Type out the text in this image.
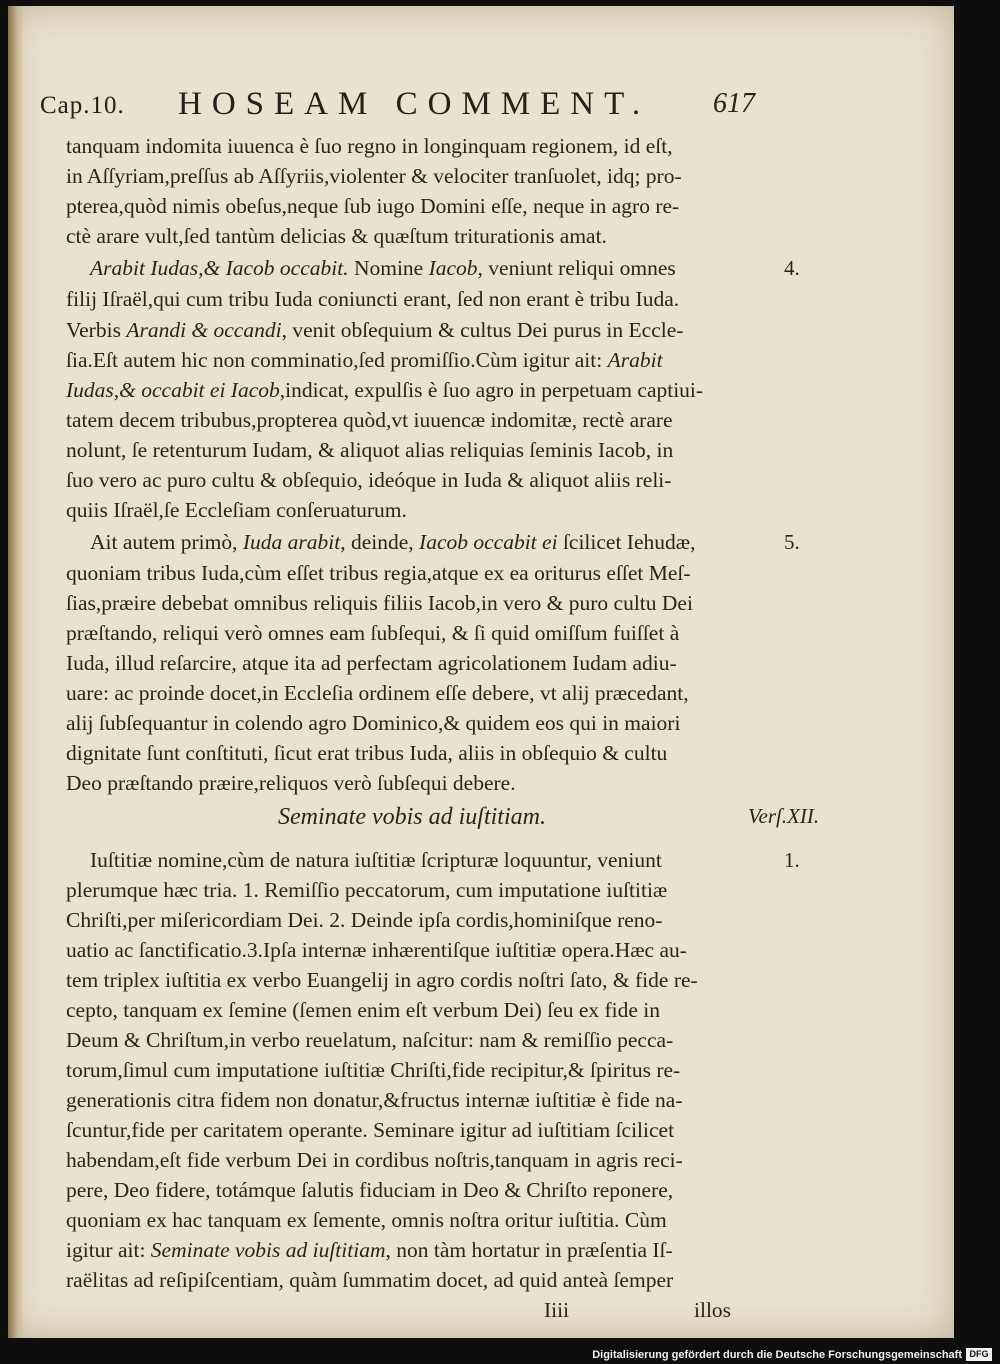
Cap.10. HOSEAM COMMENT. 617
tanquam indomita iuuenca è ſuo regno in longinquam regionem, id eſt,
in Aſſyriam,preſſus ab Aſſyriis,violenter & velociter tranſuolet, idq; pro-
pterea,quòd nimis obeſus,neque ſub iugo Domini eſſe, neque in agro re-
ctè arare vult,ſed tantùm delicias & quæſtum triturationis amat.
Arabit Iudas,& Iacob occabit. Nomine Iacob, veniunt reliqui omnes
filij Iſraël,qui cum tribu Iuda coniuncti erant, ſed non erant è tribu Iuda.
Verbis Arandi & occandi, venit obſequium & cultus Dei purus in Eccle-
ſia.Eſt autem hic non comminatio,ſed promiſſio.Cùm igitur ait: Arabit
Iudas,& occabit ei Iacob,indicat, expulſis è ſuo agro in perpetuam captiui-
tatem decem tribubus,propterea quòd,vt iuuencæ indomitæ, rectè arare
nolunt, ſe retenturum Iudam, & aliquot alias reliquias ſeminis Iacob, in
ſuo vero ac puro cultu & obſequio, ideóque in Iuda & aliquot aliis reli-
quiis Iſraël,ſe Eccleſiam conſeruaturum.
Ait autem primò, Iuda arabit, deinde, Iacob occabit ei ſcilicet Iehudæ,
quoniam tribus Iuda,cùm eſſet tribus regia,atque ex ea oriturus eſſet Meſ-
ſias,præire debebat omnibus reliquis filiis Iacob,in vero & puro cultu Dei
præſtando, reliqui verò omnes eam ſubſequi, & ſi quid omiſſum fuiſſet à
Iuda, illud reſarcire, atque ita ad perfectam agricolationem Iudam adiu-
uare: ac proinde docet,in Eccleſia ordinem eſſe debere, vt alij præcedant,
alij ſubſequantur in colendo agro Dominico,& quidem eos qui in maiori
dignitate ſunt conſtituti, ſicut erat tribus Iuda, aliis in obſequio & cultu
Deo præſtando præire,reliquos verò ſubſequi debere.
Seminate vobis ad iuſtitiam.
Iuſtitiæ nomine,cùm de natura iuſtitiæ ſcripturæ loquuntur, veniunt
plerumque hæc tria. 1. Remiſſio peccatorum, cum imputatione iuſtitiæ
Chriſti,per miſericordiam Dei. 2. Deinde ipſa cordis,hominiſque reno-
uatio ac ſanctificatio.3.Ipſa internæ inhærentiſque iuſtitiæ opera.Hæc au-
tem triplex iuſtitia ex verbo Euangelij in agro cordis noſtri ſato, & fide re-
cepto, tanquam ex ſemine (ſemen enim eſt verbum Dei) ſeu ex fide in
Deum & Chriſtum,in verbo reuelatum, naſcitur: nam & remiſſio pecca-
torum,ſimul cum imputatione iuſtitiæ Chriſti,fide recipitur,& ſpiritus re-
generationis citra fidem non donatur,&fructus internæ iuſtitiæ è fide na-
ſcuntur,fide per caritatem operante. Seminare igitur ad iuſtitiam ſcilicet
habendam,eſt fide verbum Dei in cordibus noſtris,tanquam in agris reci-
pere, Deo fidere, totámque ſalutis fiduciam in Deo & Chriſto reponere,
quoniam ex hac tanquam ex ſemente, omnis noſtra oritur iuſtitia. Cùm
igitur ait: Seminate vobis ad iuſtitiam, non tàm hortatur in præſentia Iſ-
raëlitas ad reſipiſcentiam, quàm ſummatim docet, ad quid anteà ſemper
Iiii	illos
4.
5.
Verſ.XII.
1.
Digitalisierung gefördert durch die Deutsche Forschungsgemeinschaft DFG
